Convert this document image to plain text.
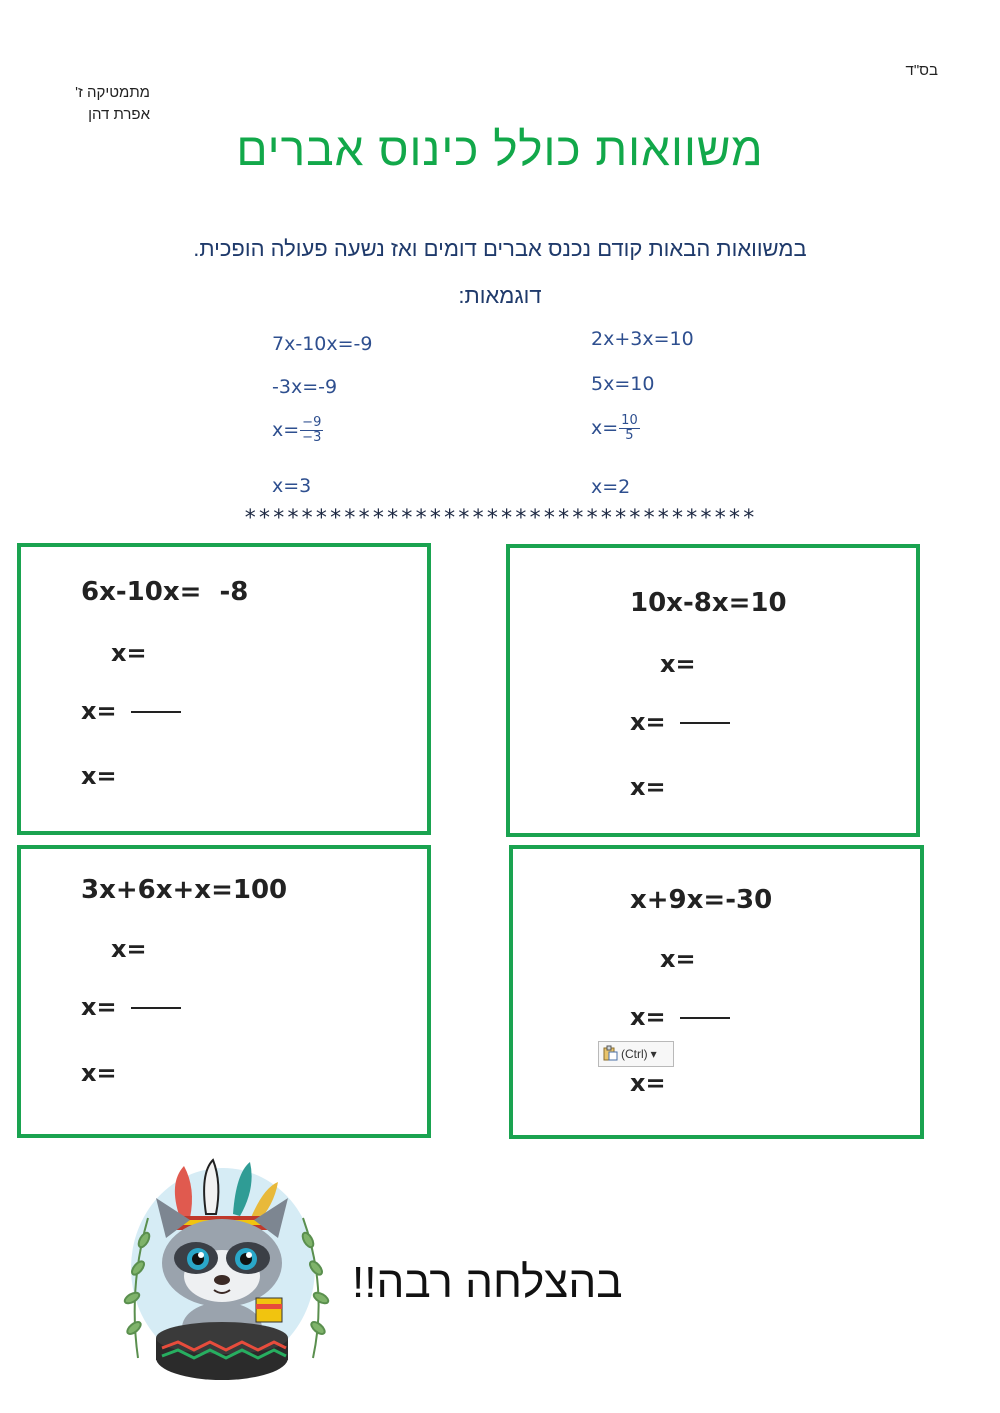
בס"ד
מתמטיקה ז'
אפרת דהן
משוואות כולל כינוס אברים
במשוואות הבאות קודם נכנס אברים דומים ואז נשעה פעולה הופכית.
דוגמאות:
7x-10x=-9
-3x=-9
$x= \frac{-9}{-3}$
x=3
2x+3x=10
5x=10
$x= \frac{10}{5}$
x=2
************************************
6x-10x=  -8
x=
x=
x=
10x-8x=10
x=
x=
x=
3x+6x+x=100
x=
x=
x=
x+9x=-30
x=
x=
x=
(Ctrl) ▾
בהצלחה רבה!!
